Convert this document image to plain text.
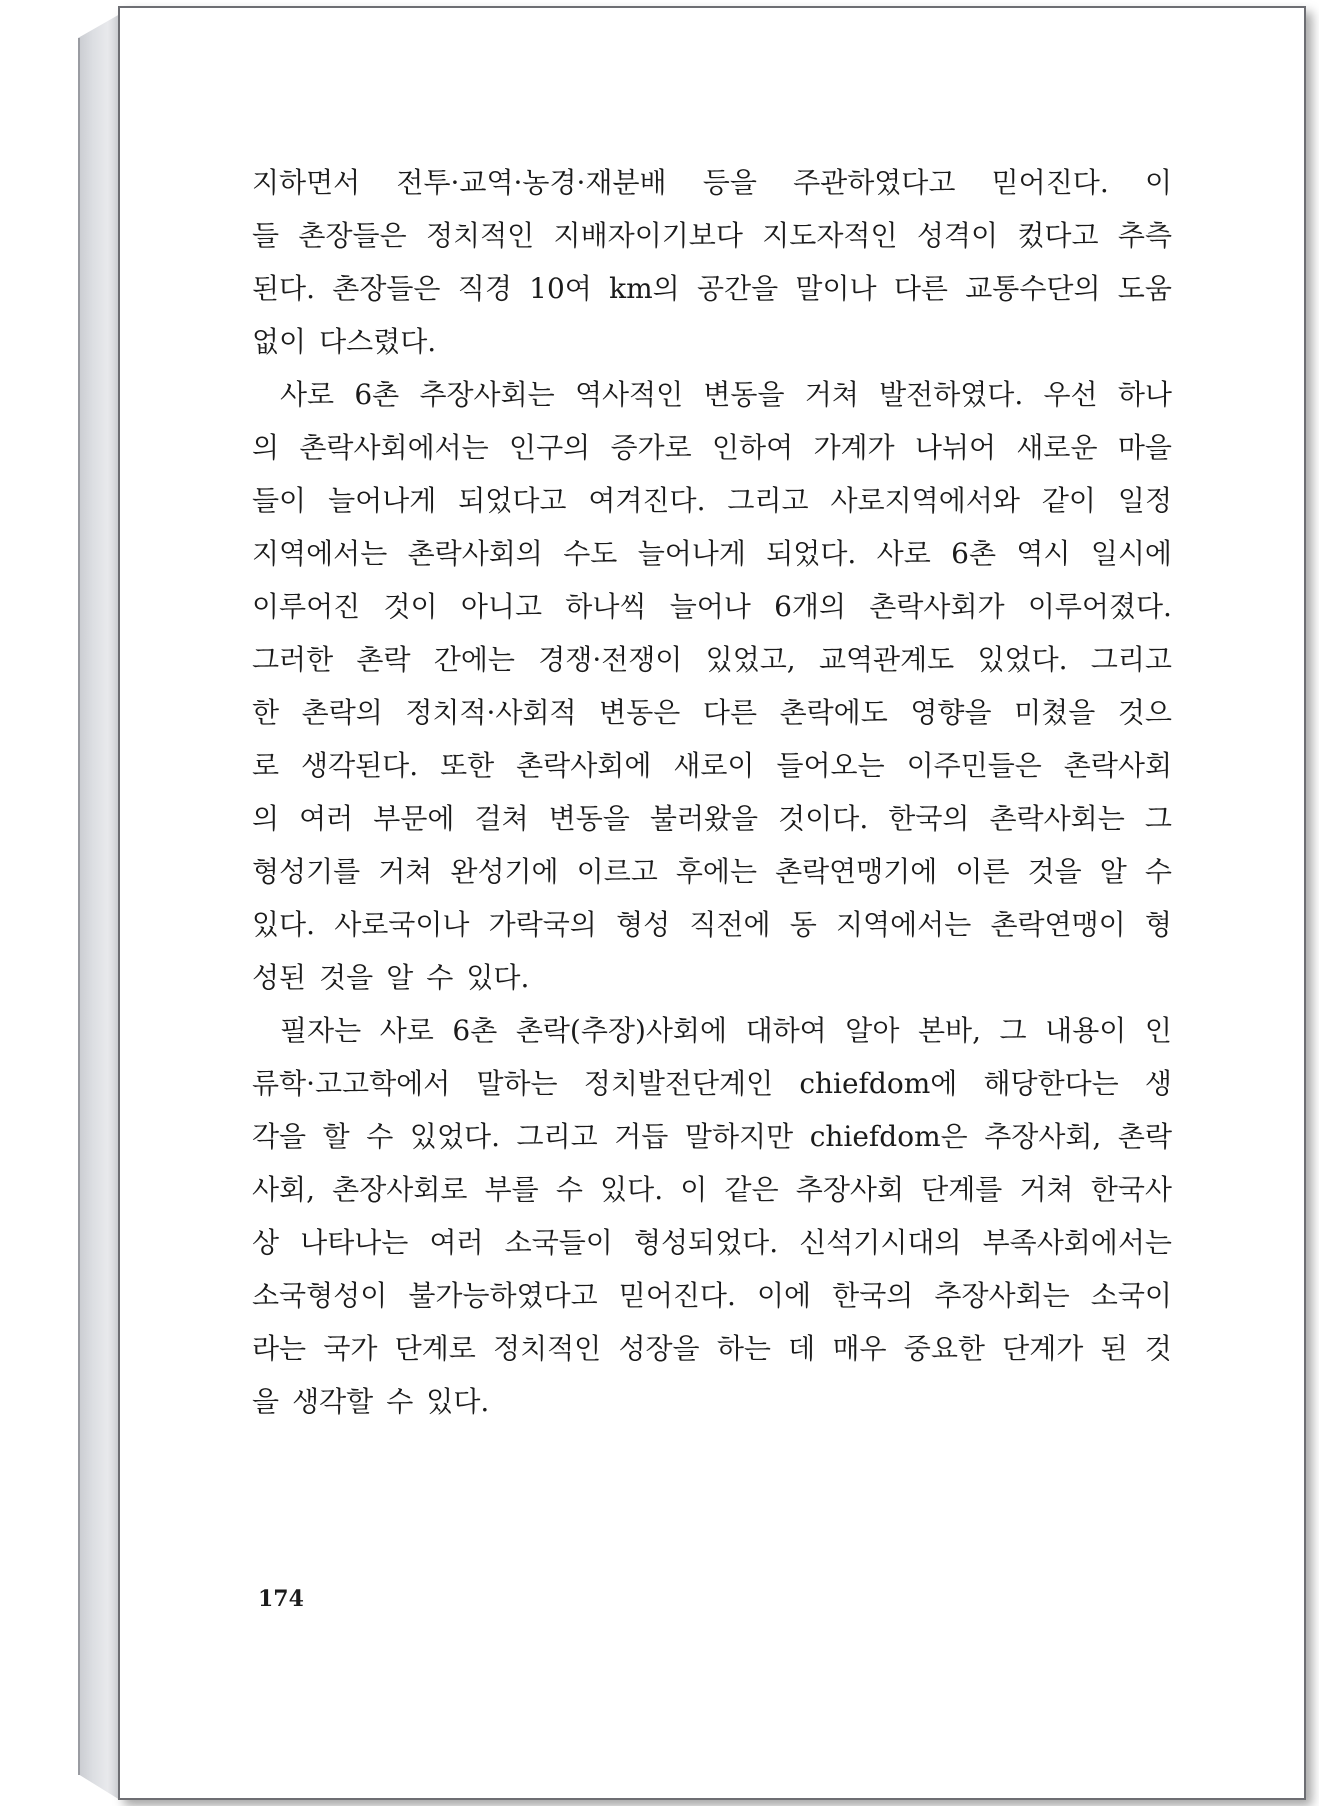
지하면서 전투·교역·농경·재분배 등을 주관하였다고 믿어진다. 이
들 촌장들은 정치적인 지배자이기보다 지도자적인 성격이 컸다고 추측
된다. 촌장들은 직경 10여 km의 공간을 말이나 다른 교통수단의 도움
없이 다스렸다.
사로 6촌 추장사회는 역사적인 변동을 거쳐 발전하였다. 우선 하나
의 촌락사회에서는 인구의 증가로 인하여 가계가 나뉘어 새로운 마을
들이 늘어나게 되었다고 여겨진다. 그리고 사로지역에서와 같이 일정
지역에서는 촌락사회의 수도 늘어나게 되었다. 사로 6촌 역시 일시에
이루어진 것이 아니고 하나씩 늘어나 6개의 촌락사회가 이루어졌다.
그러한 촌락 간에는 경쟁·전쟁이 있었고, 교역관계도 있었다. 그리고
한 촌락의 정치적·사회적 변동은 다른 촌락에도 영향을 미쳤을 것으
로 생각된다. 또한 촌락사회에 새로이 들어오는 이주민들은 촌락사회
의 여러 부문에 걸쳐 변동을 불러왔을 것이다. 한국의 촌락사회는 그
형성기를 거쳐 완성기에 이르고 후에는 촌락연맹기에 이른 것을 알 수
있다. 사로국이나 가락국의 형성 직전에 동 지역에서는 촌락연맹이 형
성된 것을 알 수 있다.
필자는 사로 6촌 촌락(추장)사회에 대하여 알아 본바, 그 내용이 인
류학·고고학에서 말하는 정치발전단계인 chiefdom에 해당한다는 생
각을 할 수 있었다. 그리고 거듭 말하지만 chiefdom은 추장사회, 촌락
사회, 촌장사회로 부를 수 있다. 이 같은 추장사회 단계를 거쳐 한국사
상 나타나는 여러 소국들이 형성되었다. 신석기시대의 부족사회에서는
소국형성이 불가능하였다고 믿어진다. 이에 한국의 추장사회는 소국이
라는 국가 단계로 정치적인 성장을 하는 데 매우 중요한 단계가 된 것
을 생각할 수 있다.
174
